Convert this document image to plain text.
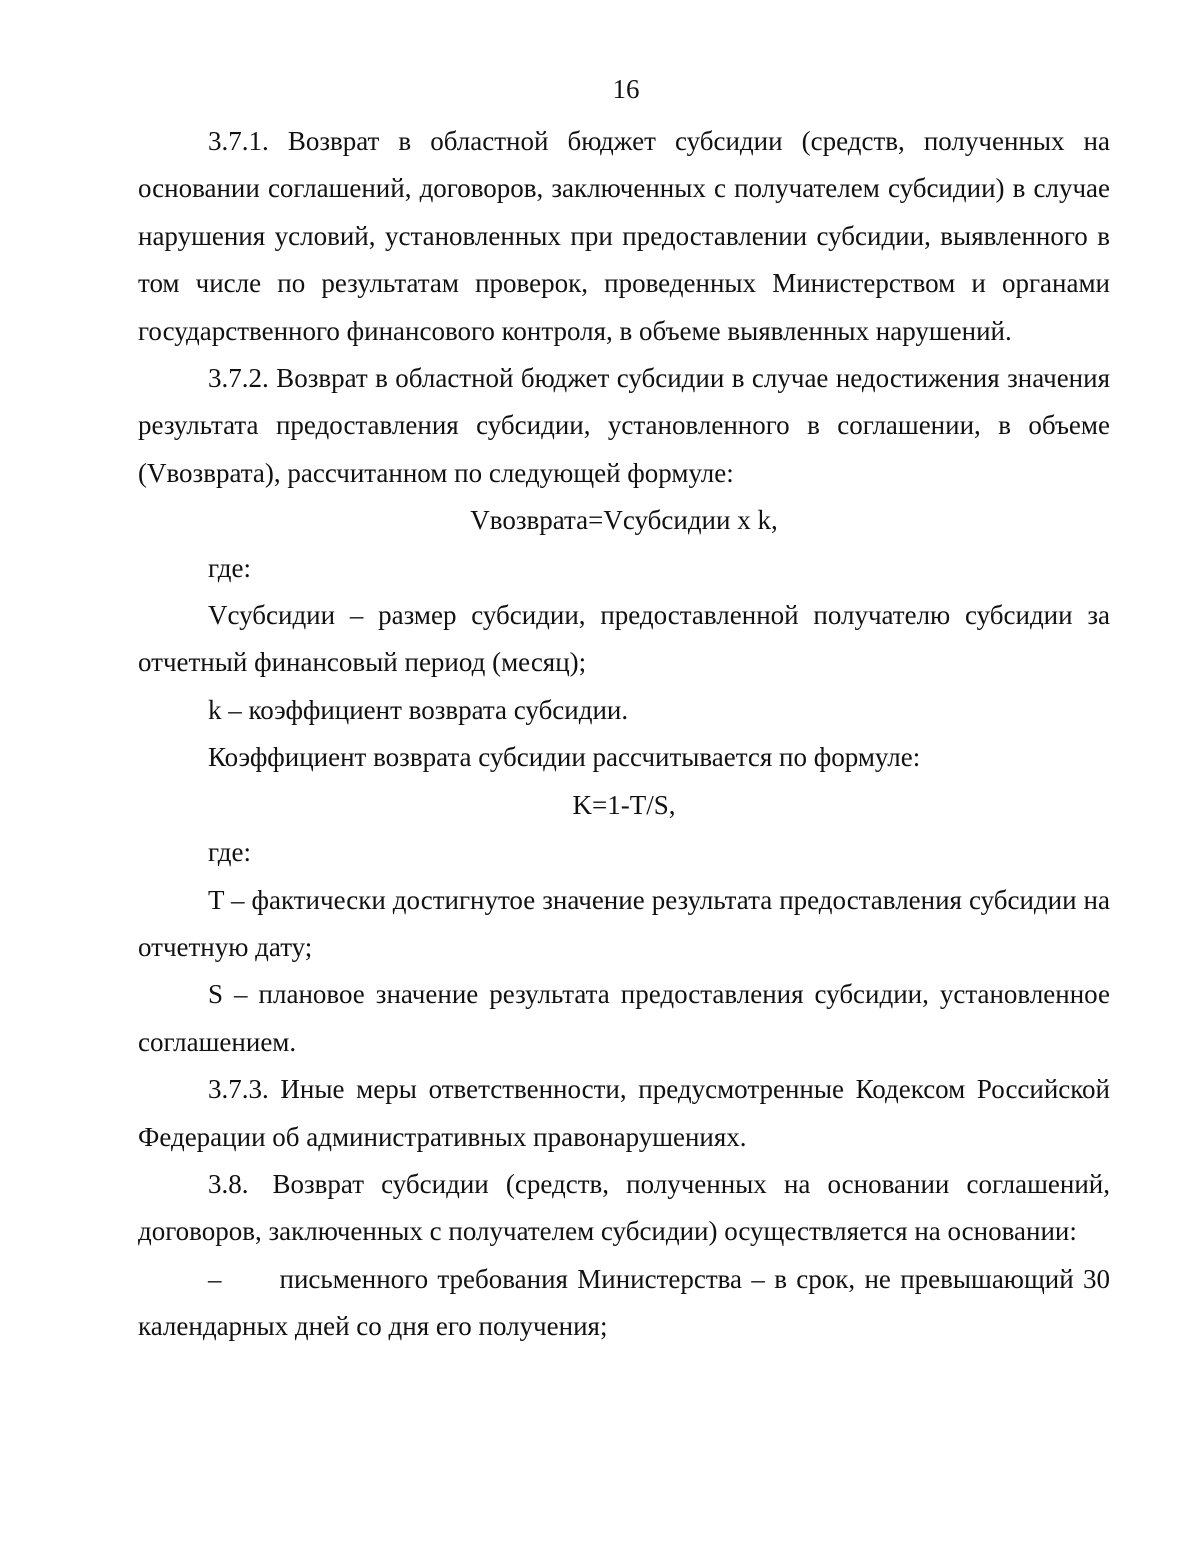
16

3.7.1. Возврат в областной бюджет субсидии (средств, полученных на основании соглашений, договоров, заключенных с получателем субсидии) в случае нарушения условий, установленных при предоставлении субсидии, выявленного в том числе по результатам проверок, проведенных Министерством и органами государственного финансового контроля, в объеме выявленных нарушений.

3.7.2. Возврат в областной бюджет субсидии в случае недостижения значения результата предоставления субсидии, установленного в соглашении, в объеме (Vвозврата), рассчитанном по следующей формуле:

Vвозврата=Vсубсидии x k,

где:

Vсубсидии – размер субсидии, предоставленной получателю субсидии за отчетный финансовый период (месяц);

k – коэффициент возврата субсидии.

Коэффициент возврата субсидии рассчитывается по формуле:

K=1-T/S,

где:

T – фактически достигнутое значение результата предоставления субсидии на отчетную дату;

S – плановое значение результата предоставления субсидии, установленное соглашением.

3.7.3. Иные меры ответственности, предусмотренные Кодексом Российской Федерации об административных правонарушениях.

3.8. Возврат субсидии (средств, полученных на основании соглашений, договоров, заключенных с получателем субсидии) осуществляется на основании:

– письменного требования Министерства – в срок, не превышающий 30 календарных дней со дня его получения;
